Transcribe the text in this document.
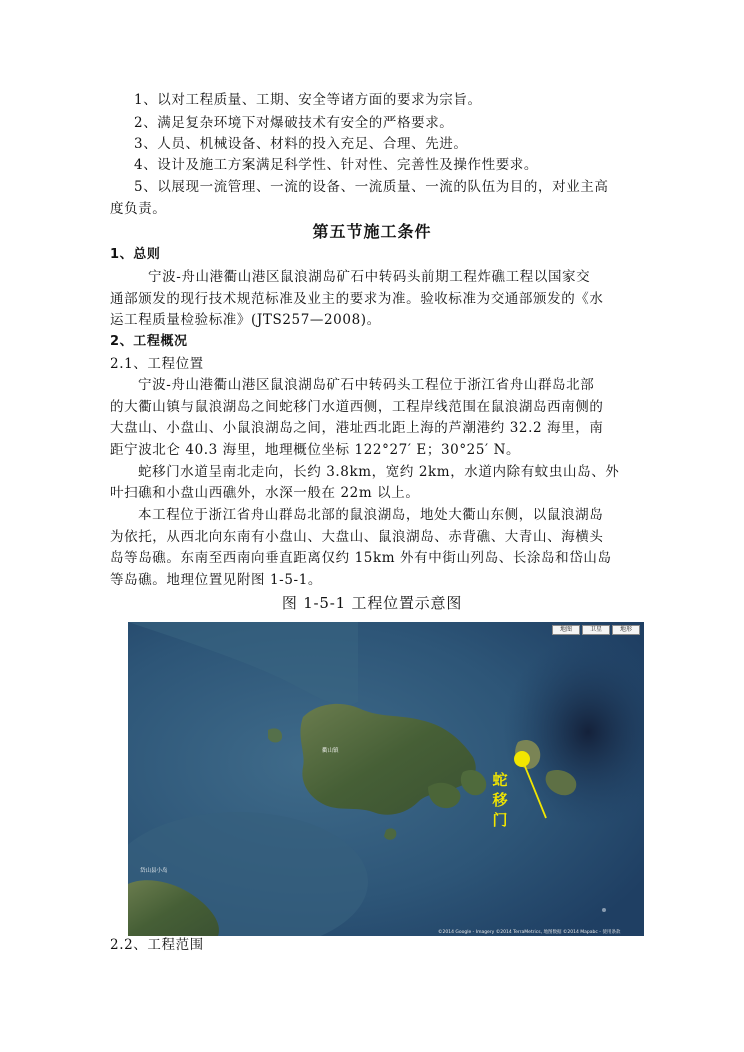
1、以对工程质量、工期、安全等诸方面的要求为宗旨。
2、满足复杂环境下对爆破技术有安全的严格要求。
3、人员、机械设备、材料的投入充足、合理、先进。
4、设计及施工方案满足科学性、针对性、完善性及操作性要求。
5、以展现一流管理、一流的设备、一流质量、一流的队伍为目的，对业主高
度负责。
第五节施工条件
1、总则
宁波-舟山港衢山港区鼠浪湖岛矿石中转码头前期工程炸礁工程以国家交
通部颁发的现行技术规范标准及业主的要求为准。验收标准为交通部颁发的《水
运工程质量检验标准》(JTS257—2008)。
2、工程概况
2.1、工程位置
宁波-舟山港衢山港区鼠浪湖岛矿石中转码头工程位于浙江省舟山群岛北部
的大衢山镇与鼠浪湖岛之间蛇移门水道西侧，工程岸线范围在鼠浪湖岛西南侧的
大盘山、小盘山、小鼠浪湖岛之间，港址西北距上海的芦潮港约 32.2 海里，南
距宁波北仑 40.3 海里，地理概位坐标 122°27′ E；30°25′ N。
蛇移门水道呈南北走向，长约 3.8km，宽约 2km，水道内除有蚊虫山岛、外
叶扫礁和小盘山西礁外，水深一般在 22m 以上。
本工程位于浙江省舟山群岛北部的鼠浪湖岛，地处大衢山东侧，以鼠浪湖岛
为依托，从西北向东南有小盘山、大盘山、鼠浪湖岛、赤背礁、大青山、海横头
岛等岛礁。东南至西南向垂直距离仅约 15km 外有中街山列岛、长涂岛和岱山岛
等岛礁。地理位置见附图 1-5-1。
图 1-5-1 工程位置示意图
地图	卫星	地形
衢山镇
岱山县小岛
蛇
移
门
©2014 Google - Imagery ©2014 TerraMetrics, 地图数据 ©2014 Mapabc - 使用条款
2.2、工程范围
